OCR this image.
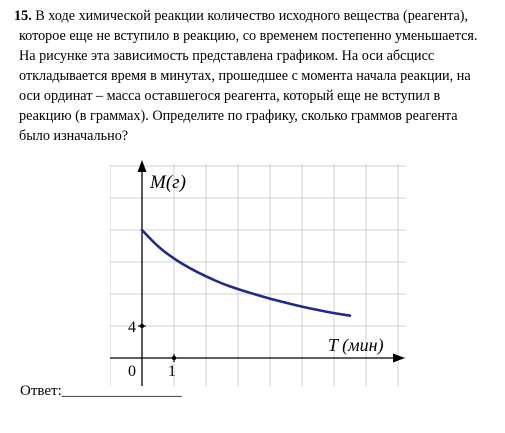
15. В ходе химической реакции количество исходного вещества (реагента),
которое еще не вступило в реакцию, со временем постепенно уменьшается.
На рисунке эта зависимость представлена графиком. На оси абсцисс
откладывается время в минутах, прошедшее с момента начала реакции, на
оси ординат – масса оставшегося реагента, который еще не вступил в
реакцию (в граммах). Определите по графику, сколько граммов реагента
было изначально?
M(г)
T (мин)
0 1
4
Ответ:________________
